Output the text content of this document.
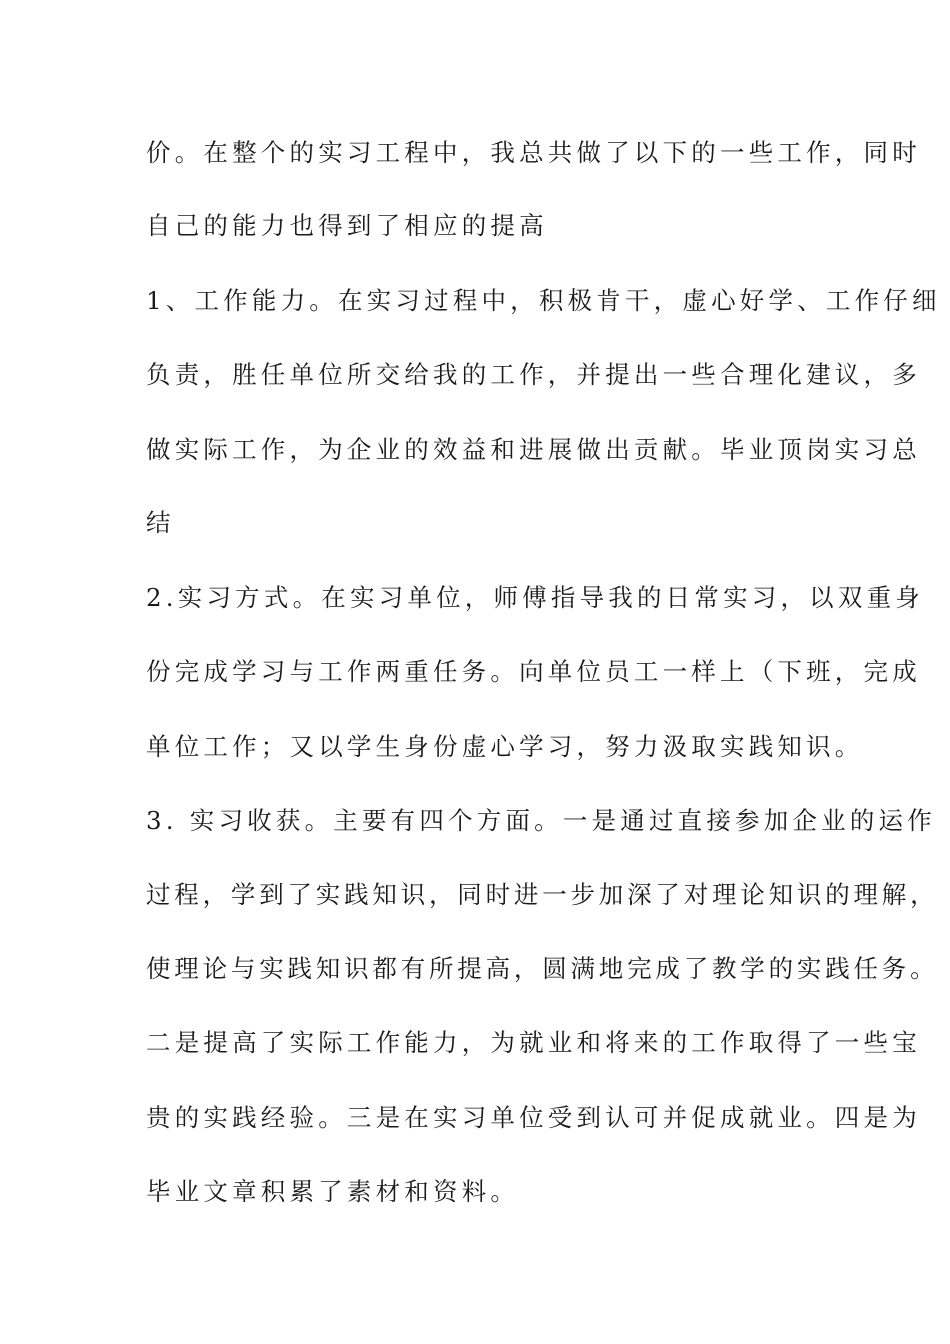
价。在整个的实习工程中，我总共做了以下的一些工作，同时
自己的能力也得到了相应的提高
1、工作能力。在实习过程中，积极肯干，虚心好学、工作仔细
负责，胜任单位所交给我的工作，并提出一些合理化建议，多
做实际工作，为企业的效益和进展做出贡献。毕业顶岗实习总
结
2.实习方式。在实习单位，师傅指导我的日常实习，以双重身
份完成学习与工作两重任务。向单位员工一样上（下班，完成
单位工作；又以学生身份虚心学习，努力汲取实践知识。
3. 实习收获。主要有四个方面。一是通过直接参加企业的运作
过程，学到了实践知识，同时进一步加深了对理论知识的理解，
使理论与实践知识都有所提高，圆满地完成了教学的实践任务。
二是提高了实际工作能力，为就业和将来的工作取得了一些宝
贵的实践经验。三是在实习单位受到认可并促成就业。四是为
毕业文章积累了素材和资料。
